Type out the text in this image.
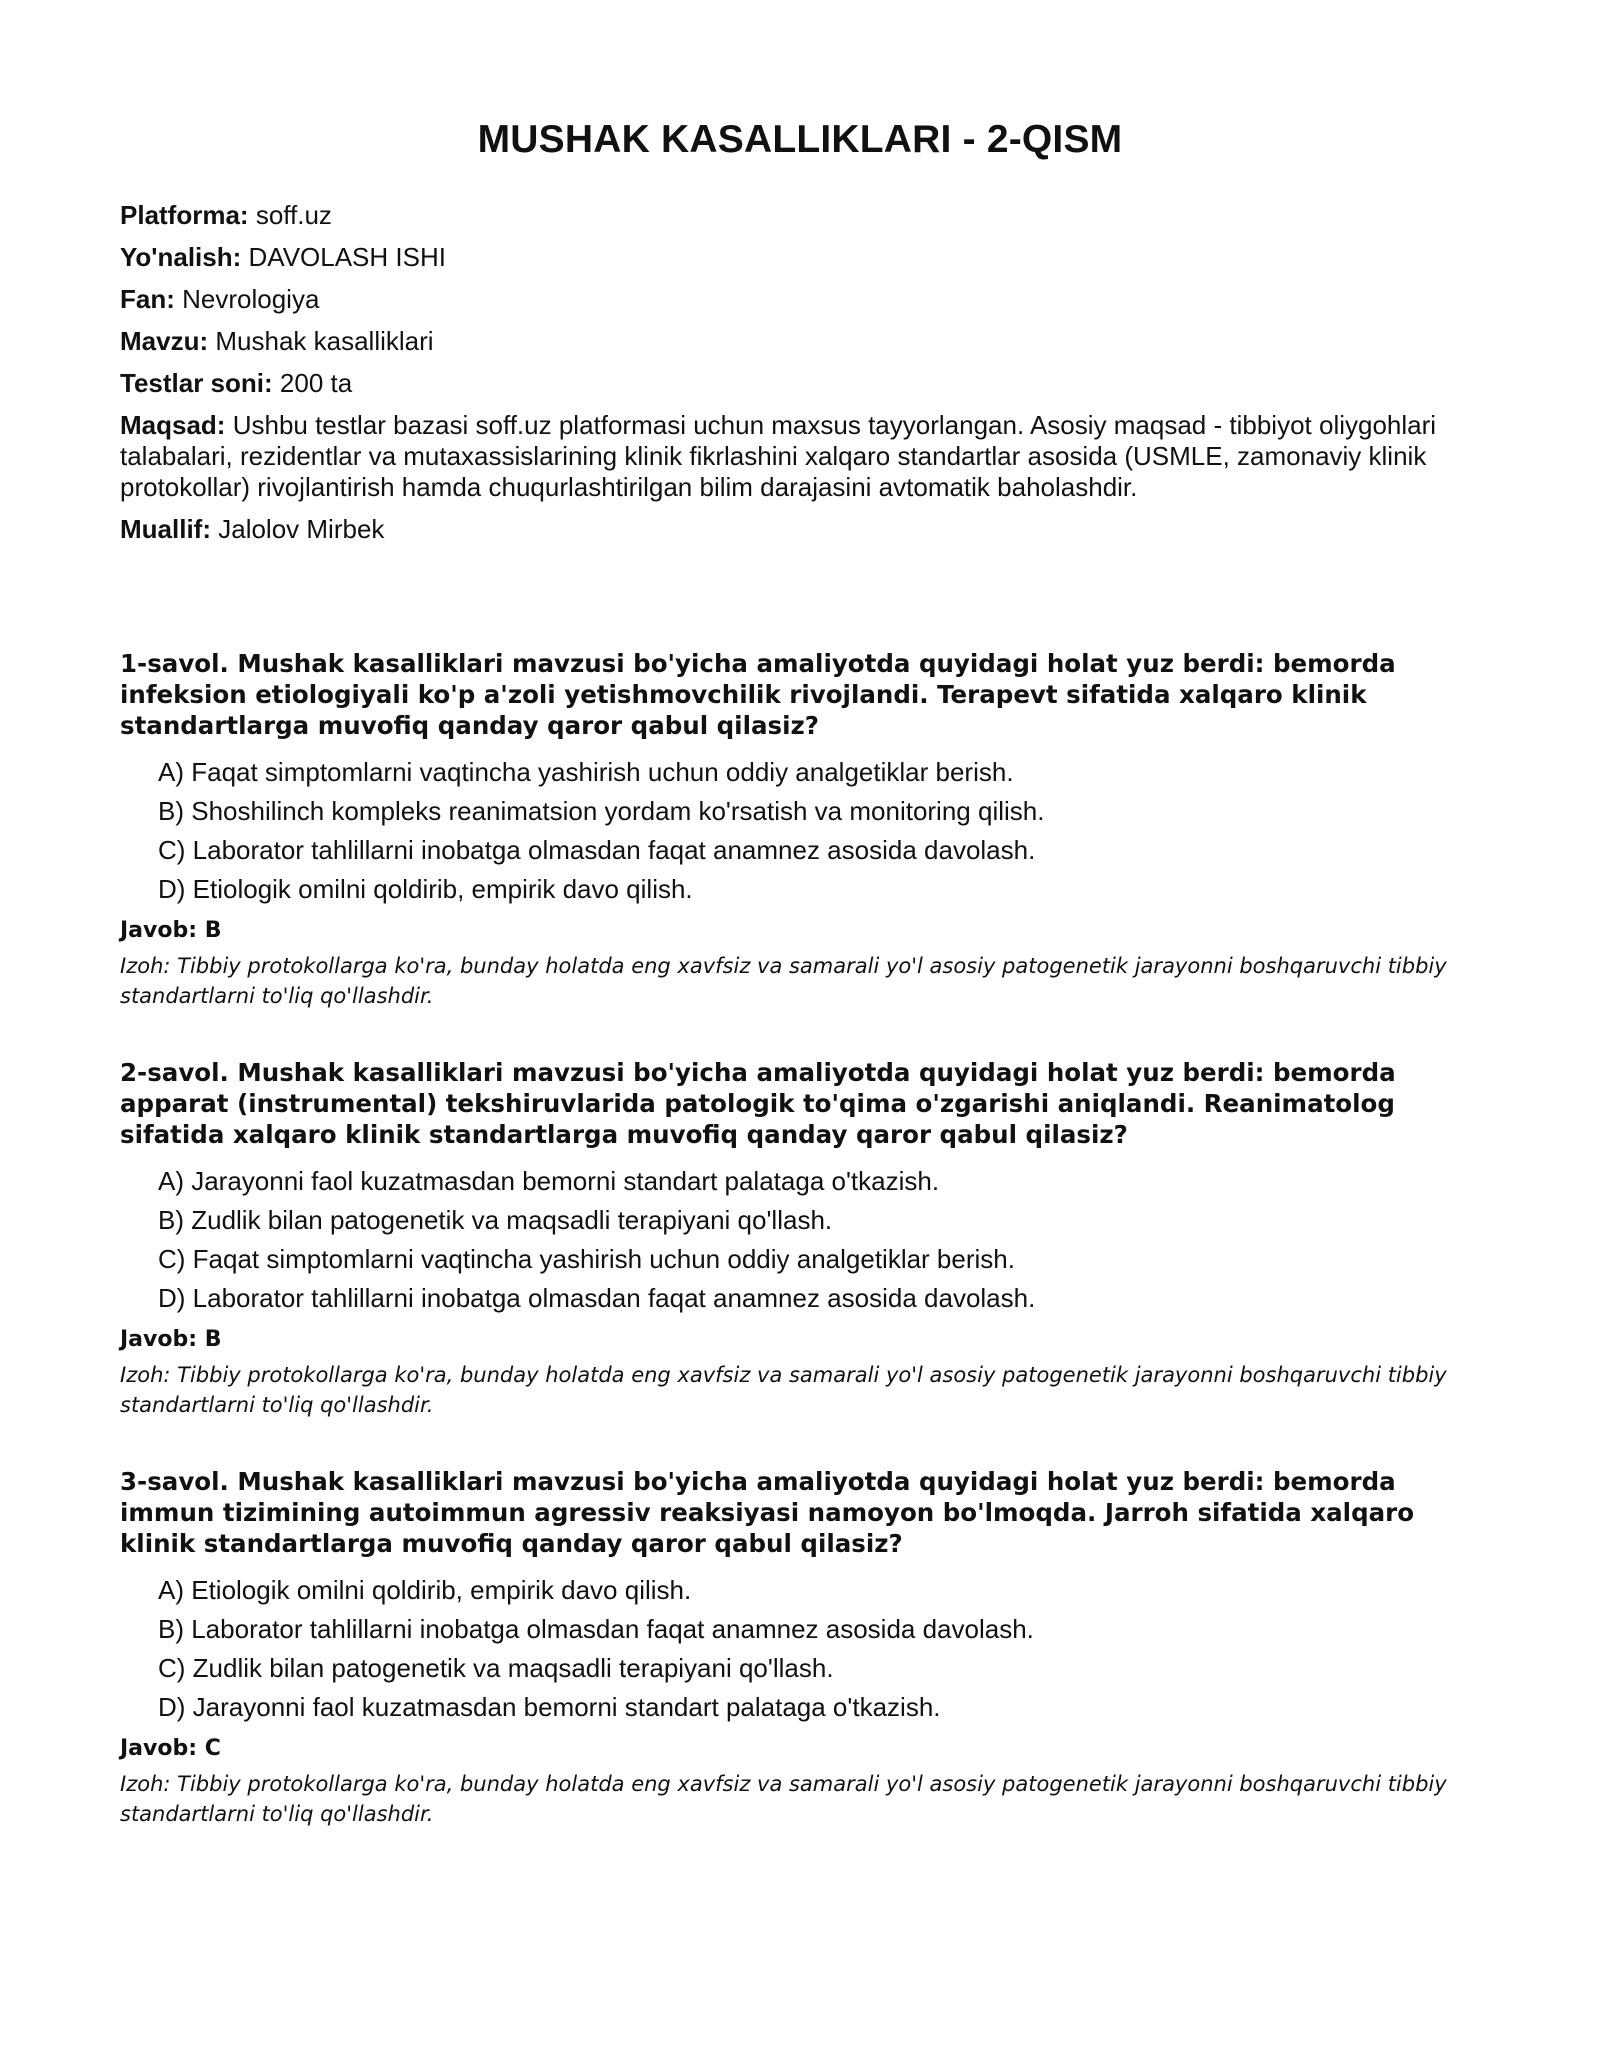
MUSHAK KASALLIKLARI - 2-QISM
Platforma: soff.uz
Yo'nalish: DAVOLASH ISHI
Fan: Nevrologiya
Mavzu: Mushak kasalliklari
Testlar soni: 200 ta
Maqsad: Ushbu testlar bazasi soff.uz platformasi uchun maxsus tayyorlangan. Asosiy maqsad - tibbiyot oliygohlari talabalari, rezidentlar va mutaxassislarining klinik fikrlashini xalqaro standartlar asosida (USMLE, zamonaviy klinik protokollar) rivojlantirish hamda chuqurlashtirilgan bilim darajasini avtomatik baholashdir.
Muallif: Jalolov Mirbek

1-savol. Mushak kasalliklari mavzusi bo'yicha amaliyotda quyidagi holat yuz berdi: bemorda infeksion etiologiyali ko'p a'zoli yetishmovchilik rivojlandi. Terapevt sifatida xalqaro klinik standartlarga muvofiq qanday qaror qabul qilasiz?

A) Faqat simptomlarni vaqtincha yashirish uchun oddiy analgetiklar berish.
B) Shoshilinch kompleks reanimatsion yordam ko'rsatish va monitoring qilish.
C) Laborator tahlillarni inobatga olmasdan faqat anamnez asosida davolash.
D) Etiologik omilni qoldirib, empirik davo qilish.

Javob: B

Izoh: Tibbiy protokollarga ko'ra, bunday holatda eng xavfsiz va samarali yo'l asosiy patogenetik jarayonni boshqaruvchi tibbiy standartlarni to'liq qo'llashdir.

2-savol. Mushak kasalliklari mavzusi bo'yicha amaliyotda quyidagi holat yuz berdi: bemorda apparat (instrumental) tekshiruvlarida patologik to'qima o'zgarishi aniqlandi. Reanimatolog sifatida xalqaro klinik standartlarga muvofiq qanday qaror qabul qilasiz?

A) Jarayonni faol kuzatmasdan bemorni standart palataga o'tkazish.
B) Zudlik bilan patogenetik va maqsadli terapiyani qo'llash.
C) Faqat simptomlarni vaqtincha yashirish uchun oddiy analgetiklar berish.
D) Laborator tahlillarni inobatga olmasdan faqat anamnez asosida davolash.

Javob: B

Izoh: Tibbiy protokollarga ko'ra, bunday holatda eng xavfsiz va samarali yo'l asosiy patogenetik jarayonni boshqaruvchi tibbiy standartlarni to'liq qo'llashdir.

3-savol. Mushak kasalliklari mavzusi bo'yicha amaliyotda quyidagi holat yuz berdi: bemorda immun tizimining autoimmun agressiv reaksiyasi namoyon bo'lmoqda. Jarroh sifatida xalqaro klinik standartlarga muvofiq qanday qaror qabul qilasiz?

A) Etiologik omilni qoldirib, empirik davo qilish.
B) Laborator tahlillarni inobatga olmasdan faqat anamnez asosida davolash.
C) Zudlik bilan patogenetik va maqsadli terapiyani qo'llash.
D) Jarayonni faol kuzatmasdan bemorni standart palataga o'tkazish.

Javob: C

Izoh: Tibbiy protokollarga ko'ra, bunday holatda eng xavfsiz va samarali yo'l asosiy patogenetik jarayonni boshqaruvchi tibbiy standartlarni to'liq qo'llashdir.
